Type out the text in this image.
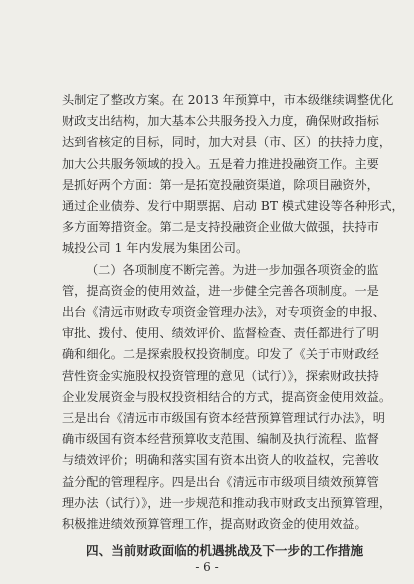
头制定了整改方案。在 2013 年预算中，市本级继续调整优化
财政支出结构，加大基本公共服务投入力度，确保财政指标
达到省核定的目标，同时，加大对县（市、区）的扶持力度，
加大公共服务领域的投入。五是着力推进投融资工作。主要
是抓好两个方面：第一是拓宽投融资渠道，除项目融资外，
通过企业债券、发行中期票据、启动 BT 模式建设等各种形式，
多方面筹措资金。第二是支持投融资企业做大做强，扶持市
城投公司 1 年内发展为集团公司。
（二）各项制度不断完善。为进一步加强各项资金的监
管，提高资金的使用效益，进一步健全完善各项制度。一是
出台《清远市财政专项资金管理办法》，对专项资金的申报、
审批、拨付、使用、绩效评价、监督检查、责任都进行了明
确和细化。二是探索股权投资制度。印发了《关于市财政经
营性资金实施股权投资管理的意见（试行）》，探索财政扶持
企业发展资金与股权投资相结合的方式，提高资金使用效益。
三是出台《清远市市级国有资本经营预算管理试行办法》，明
确市级国有资本经营预算收支范围、编制及执行流程、监督
与绩效评价；明确和落实国有资本出资人的收益权，完善收
益分配的管理程序。四是出台《清远市市级项目绩效预算管
理办法（试行）》，进一步规范和推动我市财政支出预算管理，
积极推进绩效预算管理工作，提高财政资金的使用效益。
四、当前财政面临的机遇挑战及下一步的工作措施
- 6 -
